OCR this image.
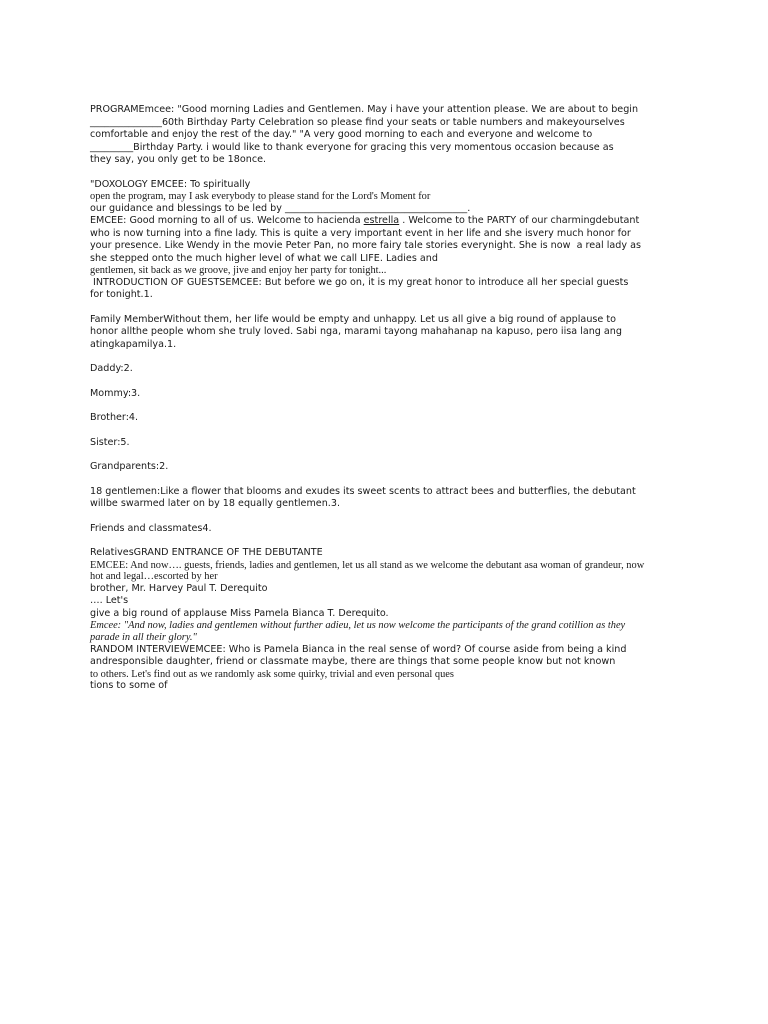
PROGRAMEmcee: "Good morning Ladies and Gentlemen. May i have your attention please. We are about to begin
_______________60th Birthday Party Celebration so please find your seats or table numbers and makeyourselves
comfortable and enjoy the rest of the day." "A very good morning to each and everyone and welcome to
_________Birthday Party. i would like to thank everyone for gracing this very momentous occasion because as
they say, you only get to be 18once.
"DOXOLOGY EMCEE: To spiritually
open the program, may I ask everybody to please stand for the Lord's Moment for
our guidance and blessings to be led by ______________________________________.
EMCEE: Good morning to all of us. Welcome to hacienda estrella . Welcome to the PARTY of our charmingdebutant
who is now turning into a fine lady. This is quite a very important event in her life and she isvery much honor for
your presence. Like Wendy in the movie Peter Pan, no more fairy tale stories everynight. She is now  a real lady as
she stepped onto the much higher level of what we call LIFE. Ladies and
gentlemen, sit back as we groove, jive and enjoy her party for tonight...
INTRODUCTION OF GUESTSEMCEE: But before we go on, it is my great honor to introduce all her special guests
for tonight.1.
Family MemberWithout them, her life would be empty and unhappy. Let us all give a big round of applause to
honor allthe people whom she truly loved. Sabi nga, marami tayong mahahanap na kapuso, pero iisa lang ang
atingkapamilya.1.
Daddy:2.
Mommy:3.
Brother:4.
Sister:5.
Grandparents:2.
18 gentlemen:Like a flower that blooms and exudes its sweet scents to attract bees and butterflies, the debutant
willbe swarmed later on by 18 equally gentlemen.3.
Friends and classmates4.
RelativesGRAND ENTRANCE OF THE DEBUTANTE
EMCEE: And now…. guests, friends, ladies and gentlemen, let us all stand as we welcome the debutant asa woman of grandeur, now
hot and legal…escorted by her
brother, Mr. Harvey Paul T. Derequito
…. Let's
give a big round of applause Miss Pamela Bianca T. Derequito.
Emcee: "And now, ladies and gentlemen without further adieu, let us now welcome the participants of the grand cotillion as they
parade in all their glory."
RANDOM INTERVIEWEMCEE: Who is Pamela Bianca in the real sense of word? Of course aside from being a kind
andresponsible daughter, friend or classmate maybe, there are things that some people know but not known
to others. Let's find out as we randomly ask some quirky, trivial and even personal ques
tions to some of
